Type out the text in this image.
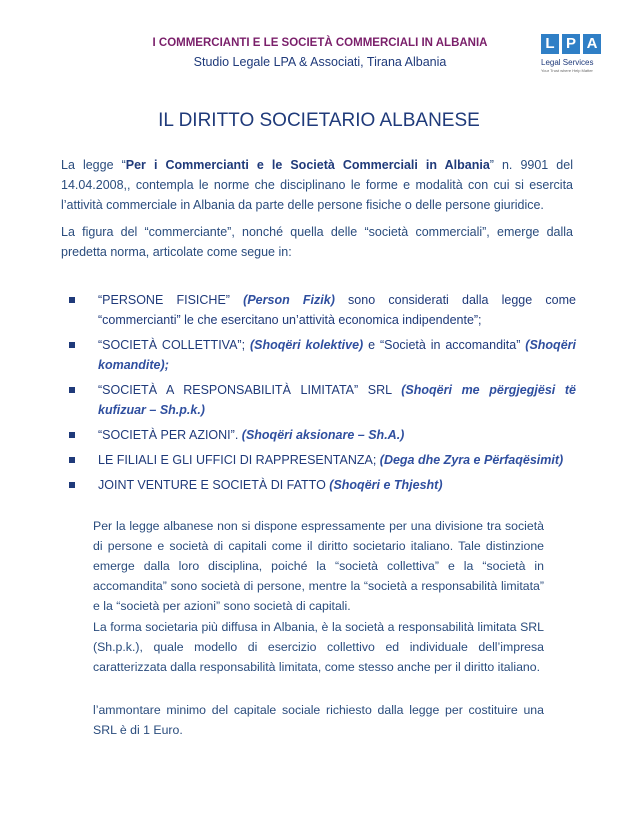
I COMMERCIANTI E LE SOCIETÀ COMMERCIALI IN ALBANIA
Studio Legale LPA & Associati, Tirana Albania
L P A
Legal Services
Your Trust where Help Matter
IL DIRITTO SOCIETARIO ALBANESE
La legge “Per i Commercianti e le Società Commerciali in Albania” n. 9901 del 14.04.2008,, contempla le norme che disciplinano le forme e modalità con cui si esercita l’attività commerciale in Albania da parte delle persone fisiche o delle persone giuridice.
La figura del “commerciante”, nonché quella delle “società commerciali”, emerge dalla predetta norma, articolate come segue in:
“PERSONE FISICHE” (Person Fizik) sono considerati dalla legge come “commercianti” le che esercitano un’attività economica indipendente”;
“SOCIETÀ COLLETTIVA”; (Shoqëri kolektive) e “Società in accomandita” (Shoqëri komandite);
“SOCIETÀ A RESPONSABILITÀ LIMITATA” SRL (Shoqëri me përgjegjësi të kufizuar – Sh.p.k.)
“SOCIETÀ PER AZIONI”. (Shoqëri aksionare – Sh.A.)
LE FILIALI E GLI UFFICI DI RAPPRESENTANZA; (Dega dhe Zyra e Përfaqësimit)
JOINT VENTURE E SOCIETÀ DI FATTO (Shoqëri e Thjesht)
Per la legge albanese non si dispone espressamente per una divisione tra società di persone e società di capitali come il diritto societario italiano. Tale distinzione emerge dalla loro disciplina, poiché la “società collettiva” e la “società in accomandita” sono società di persone, mentre la “società a responsabilità limitata” e la “società per azioni” sono società di capitali.
La forma societaria più diffusa in Albania, è la società a responsabilità limitata SRL (Sh.p.k.), quale modello di esercizio collettivo ed individuale dell’impresa caratterizzata dalla responsabilità limitata, come stesso anche per il diritto italiano.
l’ammontare minimo del capitale sociale richiesto dalla legge per costituire una SRL è di 1 Euro.
